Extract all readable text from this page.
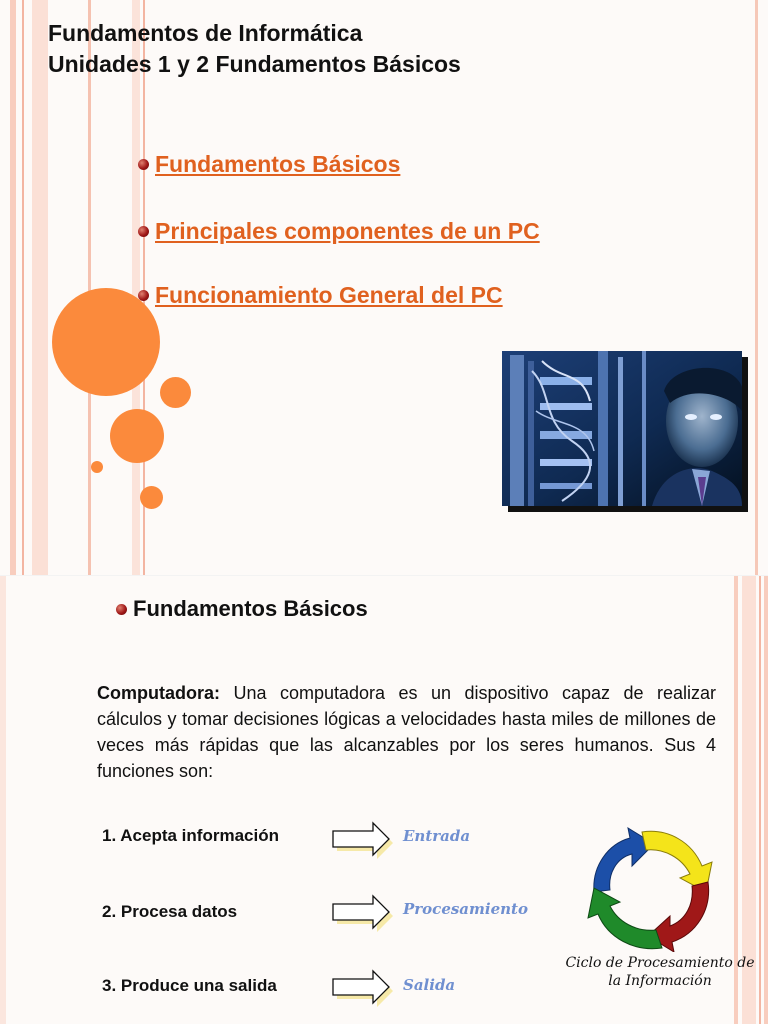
Fundamentos de Informática
Unidades 1 y 2 Fundamentos Básicos
Fundamentos Básicos
Principales componentes de un PC
Funcionamiento General del PC
Fundamentos Básicos
Computadora: Una computadora es un dispositivo capaz de realizar cálculos y tomar decisiones lógicas a velocidades hasta miles de millones de veces más rápidas que las alcanzables por los seres humanos. Sus 4 funciones son:
1. Acepta información	Entrada
2. Procesa datos	Procesamiento
3. Produce una salida	Salida
Ciclo de Procesamiento de
la Información
